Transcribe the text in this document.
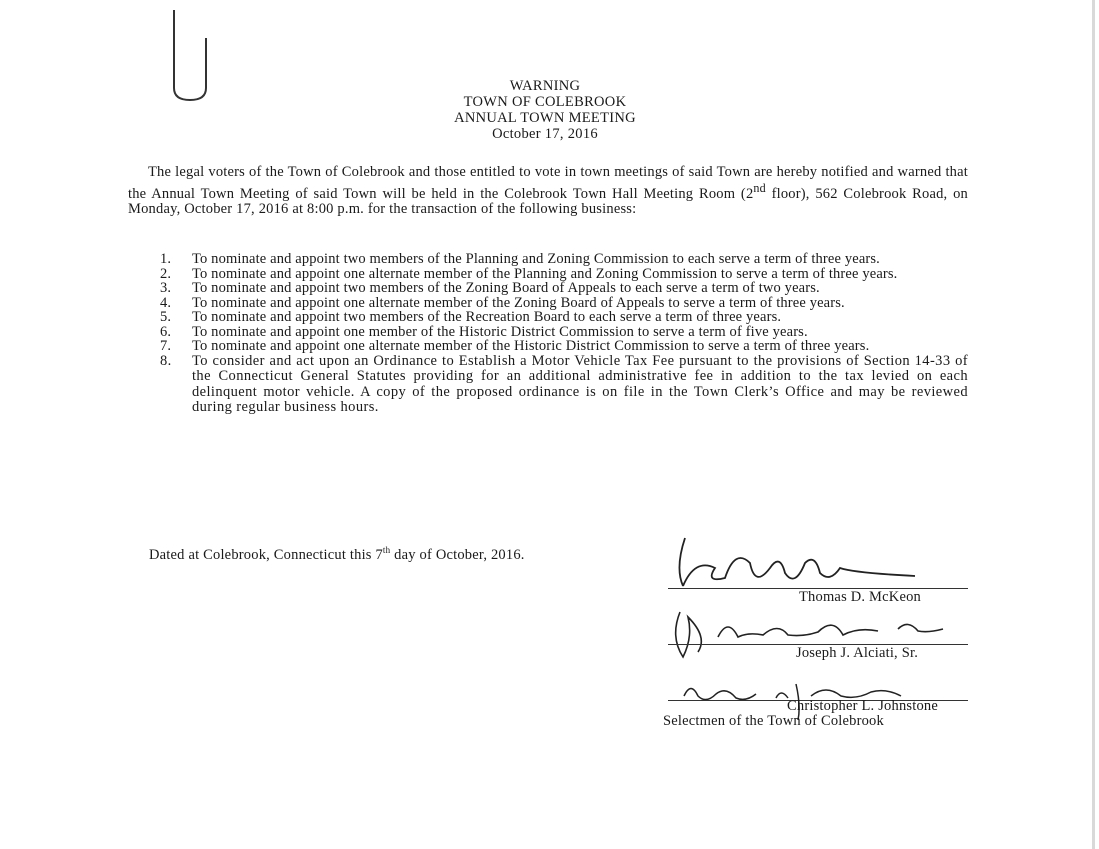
WARNING
TOWN OF COLEBROOK
ANNUAL TOWN MEETING
October 17, 2016
The legal voters of the Town of Colebrook and those entitled to vote in town meetings of said Town are hereby notified and warned that the Annual Town Meeting of said Town will be held in the Colebrook Town Hall Meeting Room (2nd floor), 562 Colebrook Road, on Monday, October 17, 2016 at 8:00 p.m. for the transaction of the following business:
1. To nominate and appoint two members of the Planning and Zoning Commission to each serve a term of three years.
2. To nominate and appoint one alternate member of the Planning and Zoning Commission to serve a term of three years.
3. To nominate and appoint two members of the Zoning Board of Appeals to each serve a term of two years.
4. To nominate and appoint one alternate member of the Zoning Board of Appeals to serve a term of three years.
5. To nominate and appoint two members of the Recreation Board to each serve a term of three years.
6. To nominate and appoint one member of the Historic District Commission to serve a term of five years.
7. To nominate and appoint one alternate member of the Historic District Commission to serve a term of three years.
8. To consider and act upon an Ordinance to Establish a Motor Vehicle Tax Fee pursuant to the provisions of Section 14-33 of the Connecticut General Statutes providing for an additional administrative fee in addition to the tax levied on each delinquent motor vehicle. A copy of the proposed ordinance is on file in the Town Clerk’s Office and may be reviewed during regular business hours.
Dated at Colebrook, Connecticut this 7th day of October, 2016.
Thomas D. McKeon
Joseph J. Alciati, Sr.
Christopher L. Johnstone
Selectmen of the Town of Colebrook
